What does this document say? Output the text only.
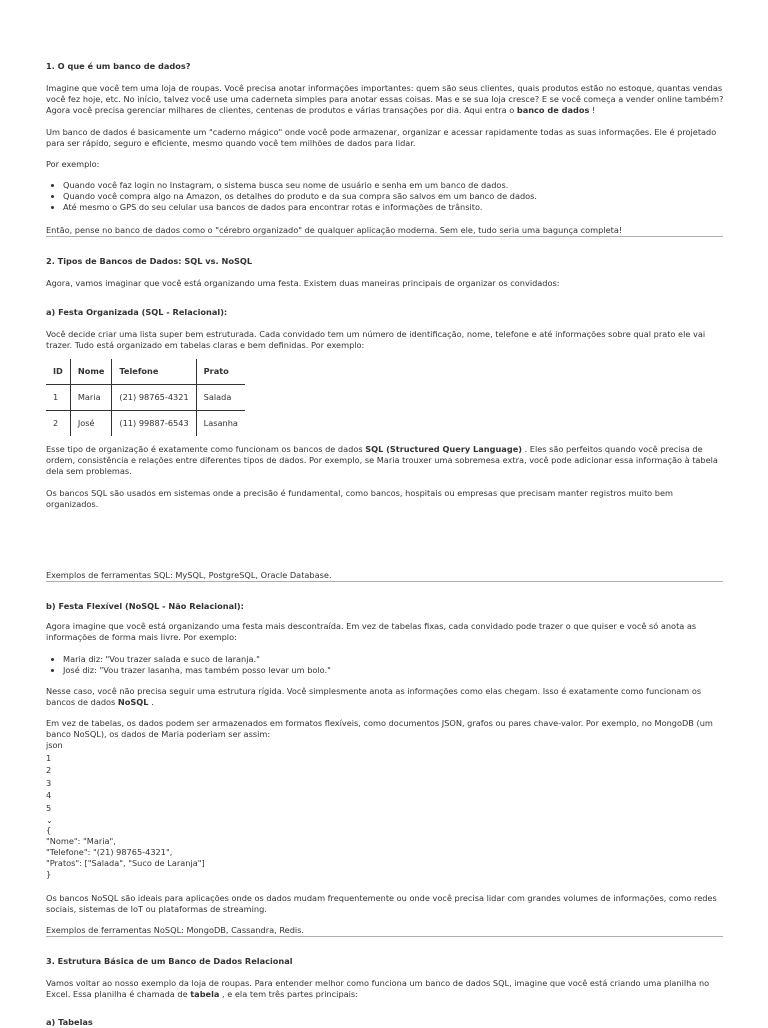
1. O que é um banco de dados?

Imagine que você tem uma loja de roupas. Você precisa anotar informações importantes: quem são seus clientes, quais produtos estão no estoque, quantas vendas você fez hoje, etc. No início, talvez você use uma caderneta simples para anotar essas coisas. Mas e se sua loja cresce? E se você começa a vender online também? Agora você precisa gerenciar milhares de clientes, centenas de produtos e várias transações por dia. Aqui entra o banco de dados !

Um banco de dados é basicamente um "caderno mágico" onde você pode armazenar, organizar e acessar rapidamente todas as suas informações. Ele é projetado para ser rápido, seguro e eficiente, mesmo quando você tem milhões de dados para lidar.

Por exemplo:

• Quando você faz login no Instagram, o sistema busca seu nome de usuário e senha em um banco de dados.
• Quando você compra algo na Amazon, os detalhes do produto e da sua compra são salvos em um banco de dados.
• Até mesmo o GPS do seu celular usa bancos de dados para encontrar rotas e informações de trânsito.

Então, pense no banco de dados como o "cérebro organizado" de qualquer aplicação moderna. Sem ele, tudo seria uma bagunça completa!

2. Tipos de Bancos de Dados: SQL vs. NoSQL

Agora, vamos imaginar que você está organizando uma festa. Existem duas maneiras principais de organizar os convidados:

a) Festa Organizada (SQL - Relacional):

Você decide criar uma lista super bem estruturada. Cada convidado tem um número de identificação, nome, telefone e até informações sobre qual prato ele vai trazer. Tudo está organizado em tabelas claras e bem definidas. Por exemplo:

ID	Nome	Telefone	Prato
1	Maria	(21) 98765-4321	Salada
2	José	(11) 99887-6543	Lasanha

Esse tipo de organização é exatamente como funcionam os bancos de dados SQL (Structured Query Language) . Eles são perfeitos quando você precisa de ordem, consistência e relações entre diferentes tipos de dados. Por exemplo, se Maria trouxer uma sobremesa extra, você pode adicionar essa informação à tabela dela sem problemas.

Os bancos SQL são usados em sistemas onde a precisão é fundamental, como bancos, hospitais ou empresas que precisam manter registros muito bem organizados.

Exemplos de ferramentas SQL: MySQL, PostgreSQL, Oracle Database.

b) Festa Flexível (NoSQL - Não Relacional):

Agora imagine que você está organizando uma festa mais descontraída. Em vez de tabelas fixas, cada convidado pode trazer o que quiser e você só anota as informações de forma mais livre. Por exemplo:

• Maria diz: "Vou trazer salada e suco de laranja."
• José diz: "Vou trazer lasanha, mas também posso levar um bolo."

Nesse caso, você não precisa seguir uma estrutura rígida. Você simplesmente anota as informações como elas chegam. Isso é exatamente como funcionam os bancos de dados NoSQL .

Em vez de tabelas, os dados podem ser armazenados em formatos flexíveis, como documentos JSON, grafos ou pares chave-valor. Por exemplo, no MongoDB (um banco NoSQL), os dados de Maria poderiam ser assim:

json
1
2
3
4
5
⌄
{
"Nome": "Maria",
"Telefone": "(21) 98765-4321",
"Pratos": ["Salada", "Suco de Laranja"]
}

Os bancos NoSQL são ideais para aplicações onde os dados mudam frequentemente ou onde você precisa lidar com grandes volumes de informações, como redes sociais, sistemas de IoT ou plataformas de streaming.

Exemplos de ferramentas NoSQL: MongoDB, Cassandra, Redis.

3. Estrutura Básica de um Banco de Dados Relacional

Vamos voltar ao nosso exemplo da loja de roupas. Para entender melhor como funciona um banco de dados SQL, imagine que você está criando uma planilha no Excel. Essa planilha é chamada de tabela , e ela tem três partes principais:

a) Tabelas
